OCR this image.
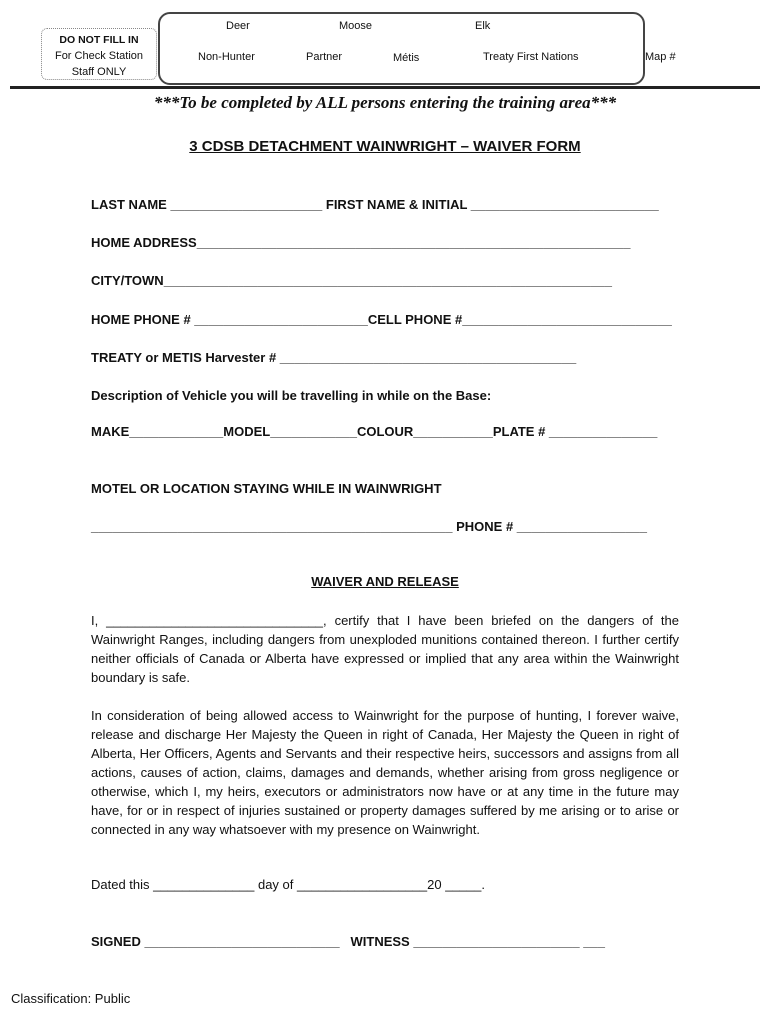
DO NOT FILL IN
For Check Station
Staff ONLY
Deer	Moose	Elk
Non-Hunter	Partner	Métis	Treaty First Nations	Map #
***To be completed by ALL persons entering the training area***
3 CDSB DETACHMENT WAINWRIGHT – WAIVER FORM
LAST NAME _____________________ FIRST NAME & INITIAL __________________________
HOME ADDRESS____________________________________________________________
CITY/TOWN______________________________________________________________
HOME PHONE # ________________________CELL PHONE #_____________________________
TREATY or METIS Harvester # _________________________________________
Description of Vehicle you will be travelling in while on the Base:
MAKE_____________MODEL____________COLOUR___________PLATE # _______________
MOTEL OR LOCATION STAYING WHILE IN WAINWRIGHT
__________________________________________________ PHONE # __________________
WAIVER AND RELEASE
I, ______________________________, certify that I have been briefed on the dangers of the Wainwright Ranges, including dangers from unexploded munitions contained thereon. I further certify neither officials of Canada or Alberta have expressed or implied that any area within the Wainwright boundary is safe.
In consideration of being allowed access to Wainwright for the purpose of hunting, I forever waive, release and discharge Her Majesty the Queen in right of Canada, Her Majesty the Queen in right of Alberta, Her Officers, Agents and Servants and their respective heirs, successors and assigns from all actions, causes of action, claims, damages and demands, whether arising from gross negligence or otherwise, which I, my heirs, executors or administrators now have or at any time in the future may have, for or in respect of injuries sustained or property damages suffered by me arising or to arise or connected in any way whatsoever with my presence on Wainwright.
Dated this ______________ day of __________________20 _____.
SIGNED ___________________________   WITNESS _______________________ ___
Classification: Public
